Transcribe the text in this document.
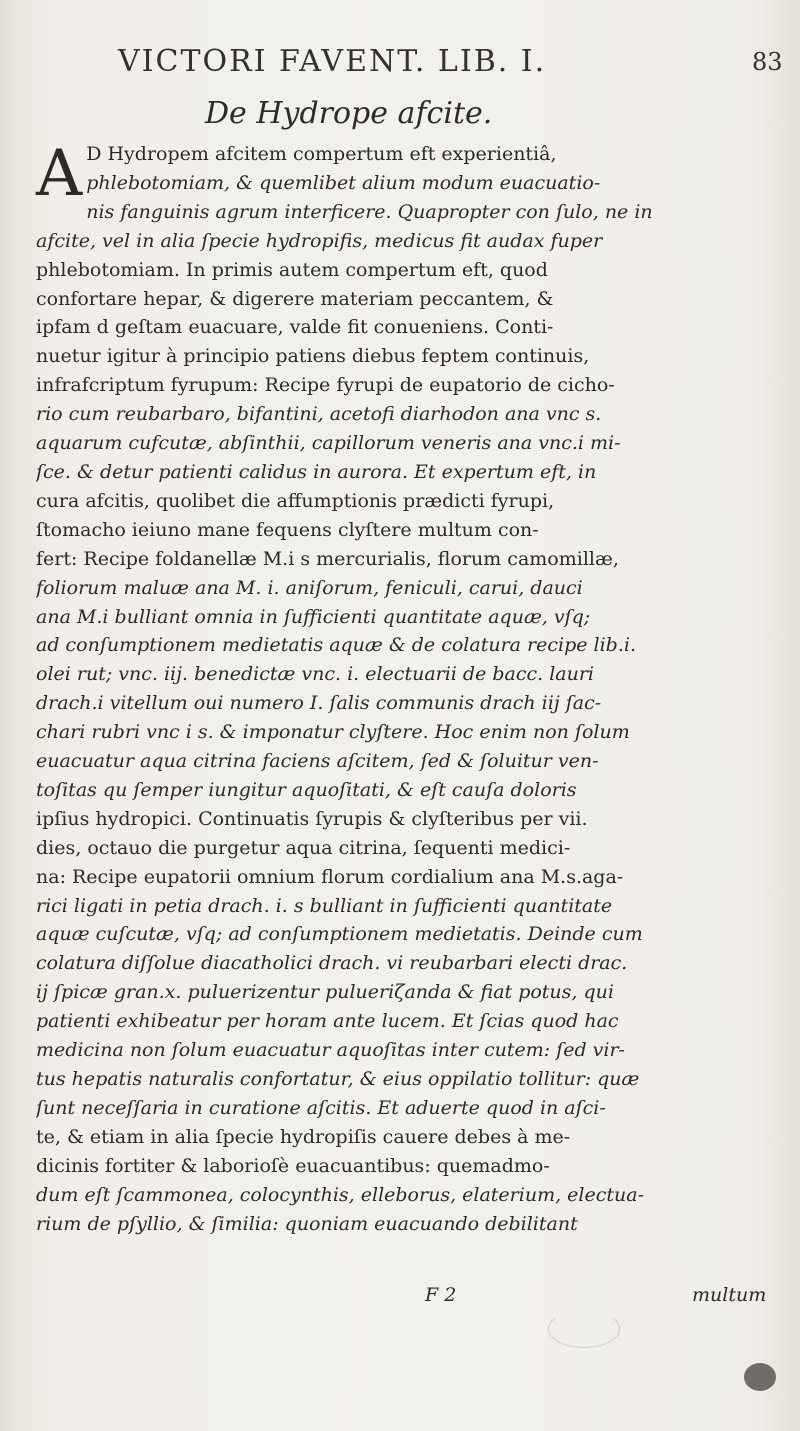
VICTORI FAVENT. LIB. I.	83
De Hydrope afcite.
A D Hydropem afcitem compertum eft experientiâ,
phlebotomiam, & quemlibet alium modum euacuatio-
nis fanguinis agrum interficere. Quapropter con ſulo, ne in
afcite, vel in alia ſpecie hydropifis, medicus fit audax fuper
phlebotomiam. In primis autem compertum eft, quod
confortare hepar, & digerere materiam peccantem, &
ipfam d geſtam euacuare, valde fit conueniens. Conti-
nuetur igitur à principio patiens diebus feptem continuis,
infrafcriptum fyrupum: Recipe fyrupi de eupatorio de cicho-
rio cum reubarbaro, bifantini, acetofi diarhodon ana vnc s.
aquarum cufcutæ, abſinthii, capillorum veneris ana vnc.i mi-
ſce. & detur patienti calidus in aurora. Et expertum eft, in
cura afcitis, quolibet die affumptionis prædicti fyrupi,
ſtomacho ieiuno mane fequens clyſtere multum con-
fert: Recipe foldanellæ M.i s mercurialis, florum camomillæ,
foliorum maluæ ana M. i. aniſorum, feniculi, carui, dauci
ana M.i bulliant omnia in ſufficienti quantitate aquæ, vſq;
ad conſumptionem medietatis aquæ & de colatura recipe lib.i.
olei rut; vnc. iij. benedictæ vnc. i. electuarii de bacc. lauri
drach.i vitellum oui numero I. ſalis communis drach iij ſac-
chari rubri vnc i s. & imponatur clyſtere. Hoc enim non ſolum
euacuatur aqua citrina faciens aſcitem, ſed & ſoluitur ven-
toſitas qu ſemper iungitur aquoſitati, & eſt cauſa doloris
ipſius hydropici. Continuatis ſyrupis & clyſteribus per vii.
dies, octauo die purgetur aqua citrina, ſequenti medici-
na: Recipe eupatorii omnium florum cordialium ana M.s.aga-
rici ligati in petia drach. i. s bulliant in ſufficienti quantitate
aquæ cuſcutæ, vſq; ad conſumptionem medietatis. Deinde cum
colatura diſſolue diacatholici drach. vi reubarbari electi drac.
ij ſpicæ gran.x. puluerizentur pulueriζanda & fiat potus, qui
patienti exhibeatur per horam ante lucem. Et ſcias quod hac
medicina non ſolum euacuatur aquoſitas inter cutem: ſed vir-
tus hepatis naturalis confortatur, & eius oppilatio tollitur: quæ
ſunt neceſſaria in curatione aſcitis. Et aduerte quod in aſci-
te, & etiam in alia ſpecie hydropiſis cauere debes à me-
dicinis fortiter & laborioſè euacuantibus: quemadmo-
dum eſt ſcammonea, colocynthis, elleborus, elaterium, electua-
rium de pſyllio, & ſimilia: quoniam euacuando debilitant
F 2	multum
